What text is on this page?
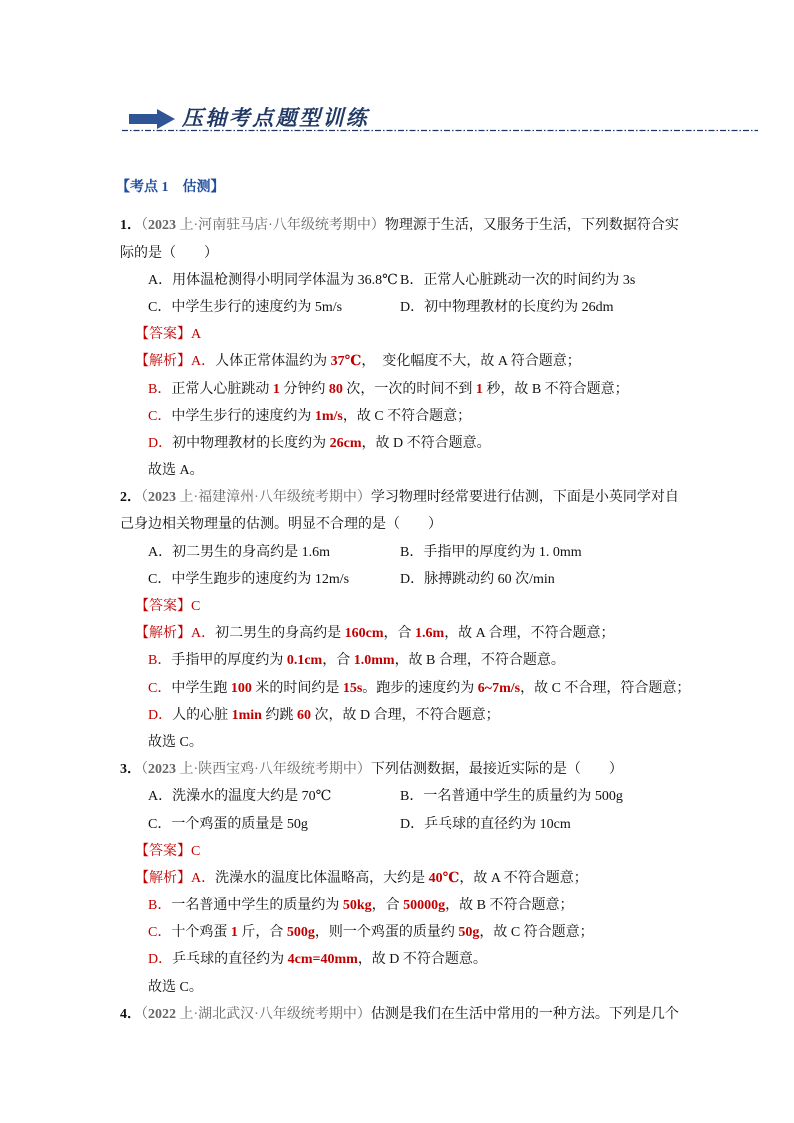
压轴考点题型训练
【考点 1　估测】
1．（2023 上·河南驻马店·八年级统考期中）物理源于生活，又服务于生活，下列数据符合实
际的是（　　）
A．用体温枪测得小明同学体温为 36.8℃ B．正常人心脏跳动一次的时间约为 3s
C．中学生步行的速度约为 5m/s	D．初中物理教材的长度约为 26dm
【答案】A
【解析】A．人体正常体温约为 37℃，  变化幅度不大，故 A 符合题意；
B．正常人心脏跳动 1 分钟约 80 次，一次的时间不到 1 秒，故 B 不符合题意；
C．中学生步行的速度约为 1m/s，故 C 不符合题意；
D．初中物理教材的长度约为 26cm，故 D 不符合题意。
故选 A。
2．（2023 上·福建漳州·八年级统考期中）学习物理时经常要进行估测，下面是小英同学对自
己身边相关物理量的估测。明显不合理的是（　　）
A．初二男生的身高约是 1.6m	B．手指甲的厚度约为 1. 0mm
C．中学生跑步的速度约为 12m/s	D．脉搏跳动约 60 次/min
【答案】C
【解析】A．初二男生的身高约是 160cm，合 1.6m，故 A 合理，不符合题意；
B．手指甲的厚度约为 0.1cm，合 1.0mm，故 B 合理，不符合题意。
C．中学生跑 100 米的时间约是 15s。跑步的速度约为 6~7m/s，故 C 不合理，符合题意；
D．人的心脏 1min 约跳 60 次，故 D 合理，不符合题意；
故选 C。
3．（2023 上·陕西宝鸡·八年级统考期中）下列估测数据，最接近实际的是（　　）
A．洗澡水的温度大约是 70℃	B．一名普通中学生的质量约为 500g
C．一个鸡蛋的质量是 50g	D．乒乓球的直径约为 10cm
【答案】C
【解析】A．洗澡水的温度比体温略高，大约是 40℃，故 A 不符合题意；
B．一名普通中学生的质量约为 50kg，合 50000g，故 B 不符合题意；
C．十个鸡蛋 1 斤，合 500g，则一个鸡蛋的质量约 50g，故 C 符合题意；
D．乒乓球的直径约为 4cm=40mm，故 D 不符合题意。
故选 C。
4．（2022 上·湖北武汉·八年级统考期中）估测是我们在生活中常用的一种方法。下列是几个
